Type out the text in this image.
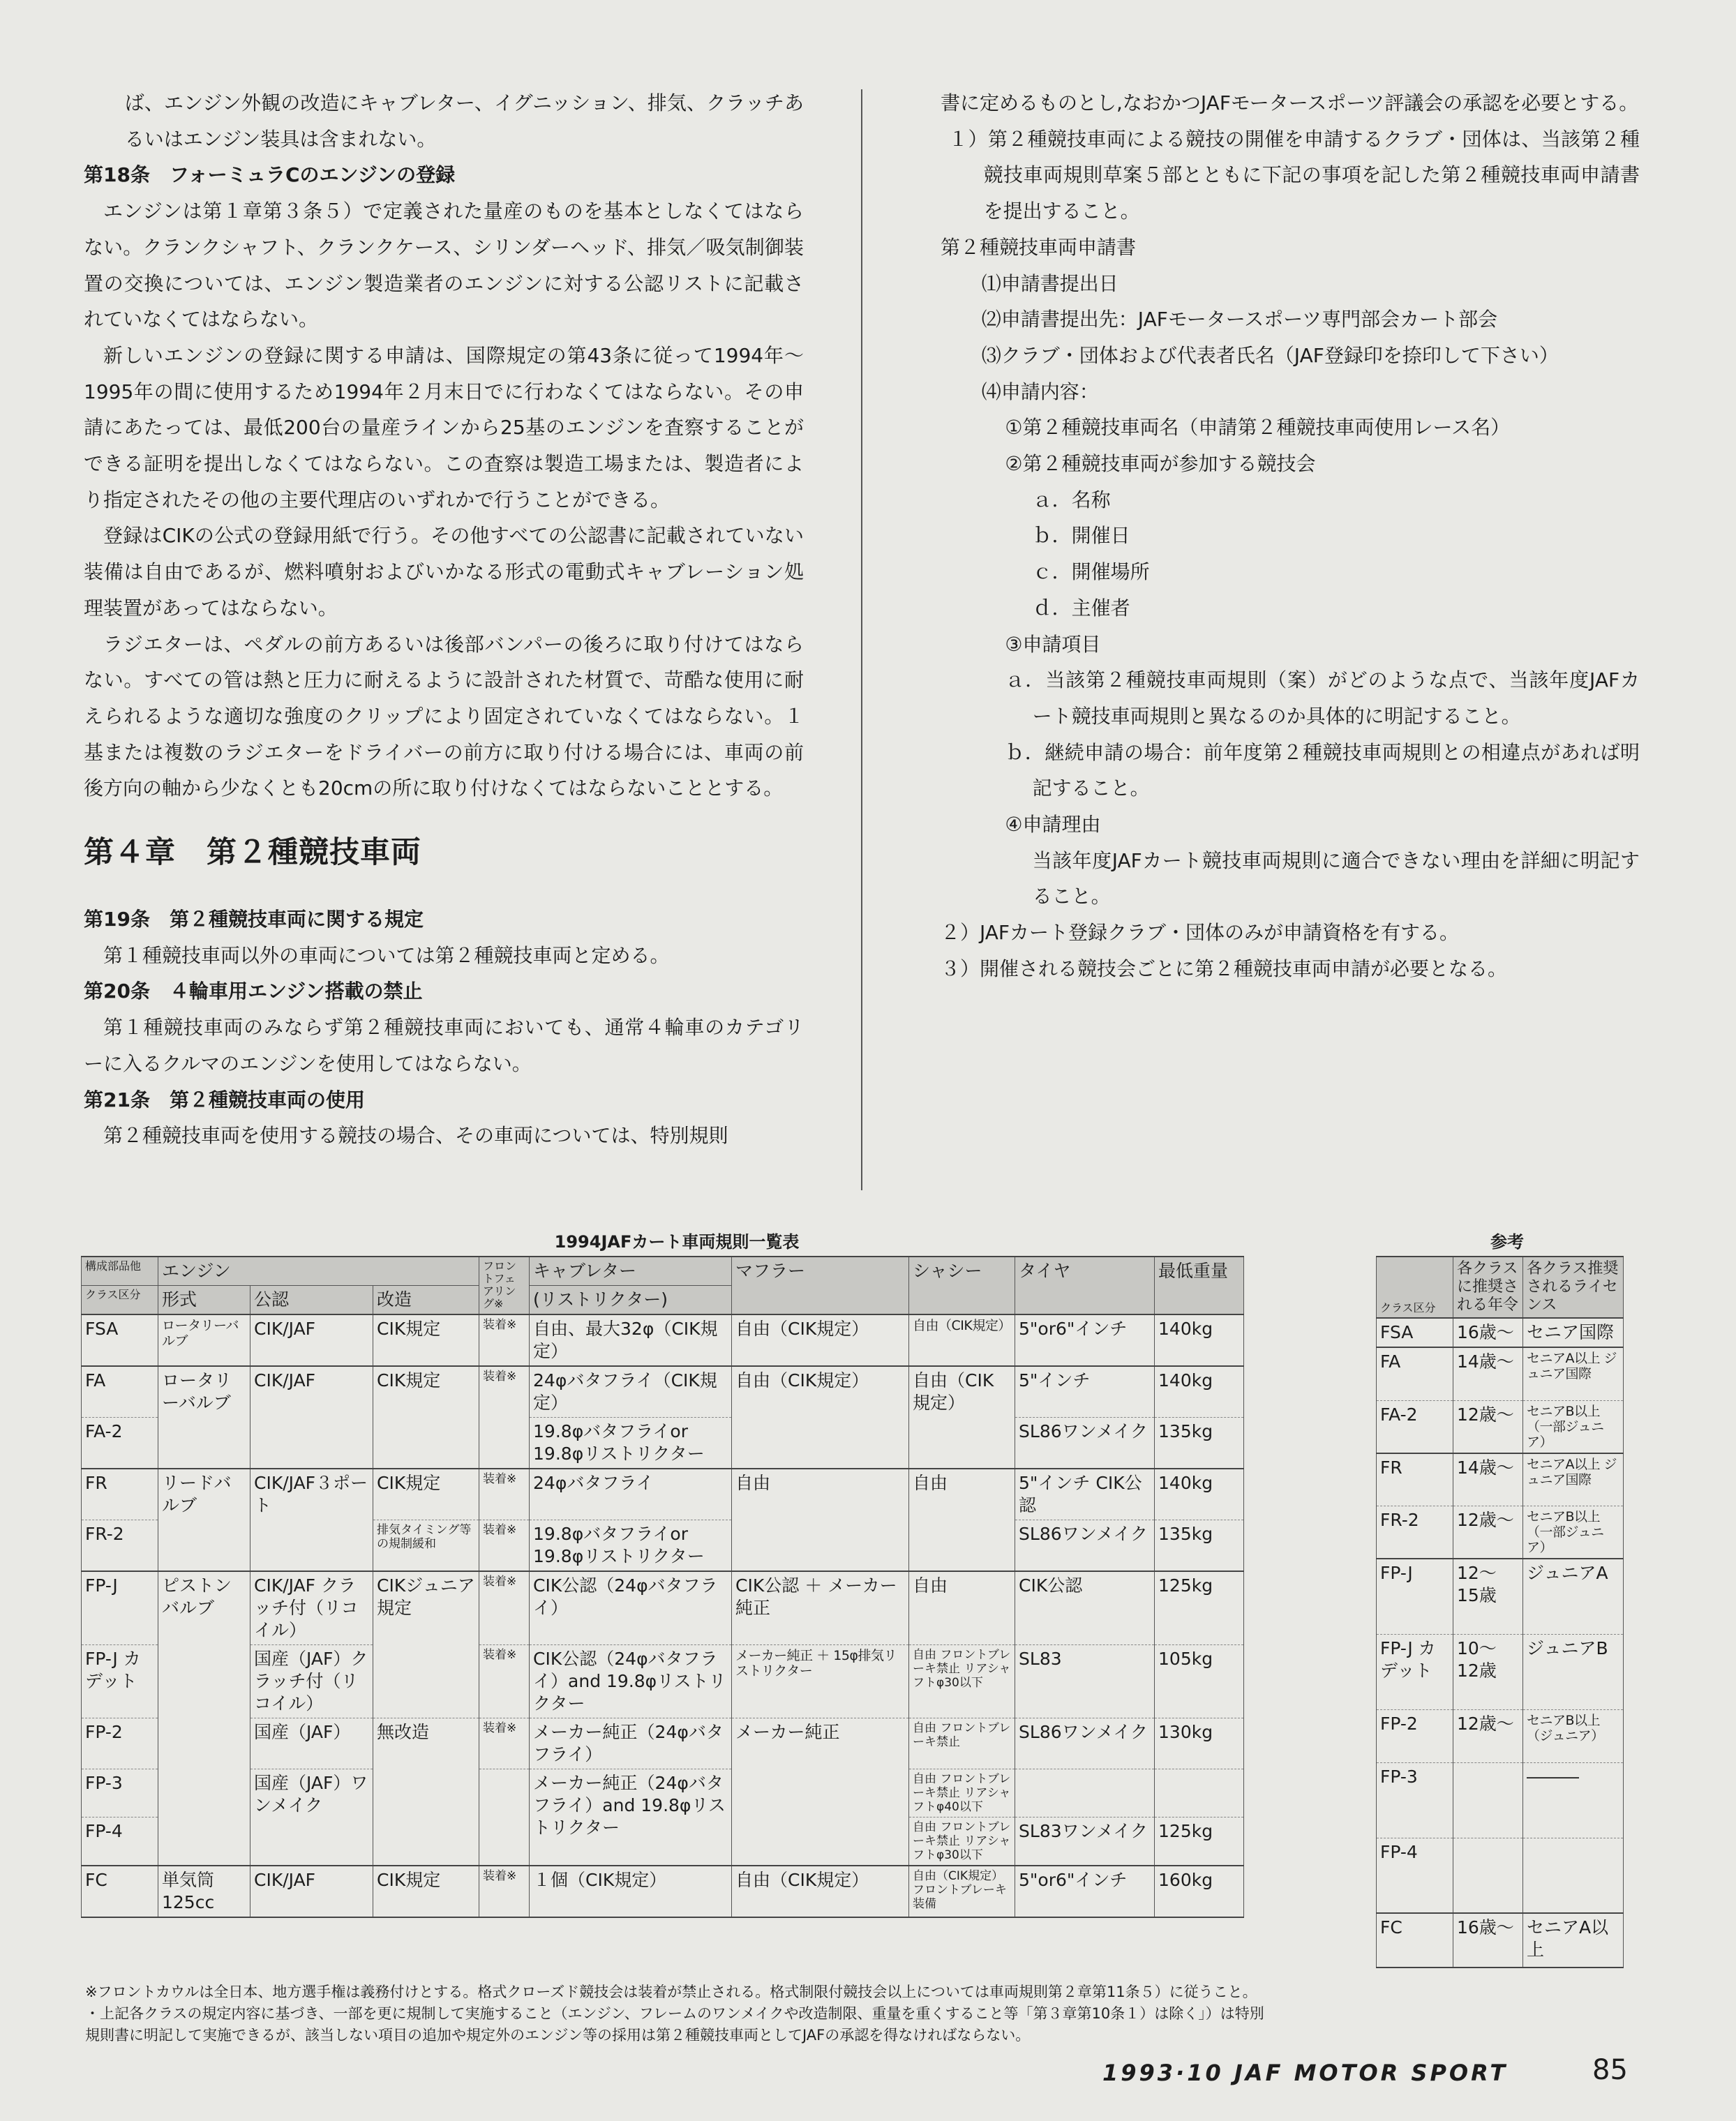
ば、エンジン外観の改造にキャブレター、イグニッション、排気、クラッチあるいはエンジン装具は含まれない。

第18条　フォーミュラCのエンジンの登録

エンジンは第１章第３条５）で定義された量産のものを基本としなくてはならない。クランクシャフト、クランクケース、シリンダーヘッド、排気／吸気制御装置の交換については、エンジン製造業者のエンジンに対する公認リストに記載されていなくてはならない。

新しいエンジンの登録に関する申請は、国際規定の第43条に従って1994年〜1995年の間に使用するため1994年２月末日でに行わなくてはならない。その申請にあたっては、最低200台の量産ラインから25基のエンジンを査察することができる証明を提出しなくてはならない。この査察は製造工場または、製造者により指定されたその他の主要代理店のいずれかで行うことができる。

登録はCIKの公式の登録用紙で行う。その他すべての公認書に記載されていない装備は自由であるが、燃料噴射およびいかなる形式の電動式キャブレーション処理装置があってはならない。

ラジエターは、ペダルの前方あるいは後部バンパーの後ろに取り付けてはならない。すべての管は熱と圧力に耐えるように設計された材質で、苛酷な使用に耐えられるような適切な強度のクリップにより固定されていなくてはならない。１基または複数のラジエターをドライバーの前方に取り付ける場合には、車両の前後方向の軸から少なくとも20cmの所に取り付けなくてはならないこととする。

第４章　第２種競技車両

第19条　第２種競技車両に関する規定

第１種競技車両以外の車両については第２種競技車両と定める。

第20条　４輪車用エンジン搭載の禁止

第１種競技車両のみならず第２種競技車両においても、通常４輪車のカテゴリーに入るクルマのエンジンを使用してはならない。

第21条　第２種競技車両の使用

第２種競技車両を使用する競技の場合、その車両については、特別規則

書に定めるものとし,なおかつJAFモータースポーツ評議会の承認を必要とする。

１）第２種競技車両による競技の開催を申請するクラブ・団体は、当該第２種競技車両規則草案５部とともに下記の事項を記した第２種競技車両申請書を提出すること。

第２種競技車両申請書

⑴申請書提出日

⑵申請書提出先：JAFモータースポーツ専門部会カート部会

⑶クラブ・団体および代表者氏名（JAF登録印を捺印して下さい）

⑷申請内容：

①第２種競技車両名（申請第２種競技車両使用レース名）

②第２種競技車両が参加する競技会

ａ．名称

ｂ．開催日

ｃ．開催場所

ｄ．主催者

③申請項目

ａ．当該第２種競技車両規則（案）がどのような点で、当該年度JAFカート競技車両規則と異なるのか具体的に明記すること。

ｂ．継続申請の場合：前年度第２種競技車両規則との相違点があれば明記すること。

④申請理由

当該年度JAFカート競技車両規則に適合できない理由を詳細に明記すること。

２）JAFカート登録クラブ・団体のみが申請資格を有する。

３）開催される競技会ごとに第２種競技車両申請が必要となる。

1994JAFカート車両規則一覧表	参考
構成部品他	エンジン			フロントフェアリング※	キャブレター	マフラー	シャシー	タイヤ	最低重量
クラス区分	形式	公認	改造		(リストリクター)				
FSA	ロータリーバルブ	CIK/JAF	CIK規定	装着※	自由、最大32φ（CIK規定）	自由（CIK規定）	自由（CIK規定）	5"or6"インチ	140kg
FA	ロータリーバルブ	CIK/JAF	CIK規定	装着※	24φバタフライ（CIK規定）	自由（CIK規定）	自由（CIK規定）	5"インチ	140kg
FA-2					19.8φバタフライor 19.8φリストリクター			SL86ワンメイク	135kg
FR	リードバルブ	CIK/JAF３ポート	CIK規定	装着※	24φバタフライ	自由	自由	5"インチ CIK公認	140kg
FR-2			排気タイミング等の規制緩和	装着※	19.8φバタフライor 19.8φリストリクター			SL86ワンメイク	135kg
FP-J	ピストンバルブ	CIK/JAF クラッチ付（リコイル）	CIKジュニア規定	装着※	CIK公認（24φバタフライ）	CIK公認 ＋ メーカー純正	自由	CIK公認	125kg
FP-J カデット		国産（JAF）クラッチ付（リコイル）		装着※	CIK公認（24φバタフライ）and 19.8φリストリクター	メーカー純正 ＋ 15φ排気リストリクター	自由 フロントブレーキ禁止 リアシャフトφ30以下	SL83	105kg
FP-2		国産（JAF）	無改造	装着※	メーカー純正（24φバタフライ）	メーカー純正	自由 フロントブレーキ禁止	SL86ワンメイク	130kg
FP-3		国産（JAF）ワンメイク			メーカー純正（24φバタフライ）and 19.8φリストリクター		自由 フロントブレーキ禁止 リアシャフトφ40以下		
FP-4							自由 フロントブレーキ禁止 リアシャフトφ30以下	SL83ワンメイク	125kg
FC	単気筒 125cc	CIK/JAF	CIK規定	装着※	１個（CIK規定）	自由（CIK規定）	自由（CIK規定）フロントブレーキ装備	5"or6"インチ	160kg
クラス区分	各クラスに推奨される年令	各クラス推奨されるライセンス
FSA	16歳〜	セニア国際
FA	14歳〜	セニアA以上 ジュニア国際
FA-2	12歳〜	セニアB以上（一部ジュニア）
FR	14歳〜	セニアA以上 ジュニア国際
FR-2	12歳〜	セニアB以上（一部ジュニア）
FP-J	12〜 15歳	ジュニアA
FP-J カデット	10〜 12歳	ジュニアB
FP-2	12歳〜	セニアB以上（ジュニア）
FP-3		―――
FP-4		
FC	16歳〜	セニアA以上

※フロントカウルは全日本、地方選手権は義務付けとする。格式クローズド競技会は装着が禁止される。格式制限付競技会以上については車両規則第２章第11条５）に従うこと。

・上記各クラスの規定内容に基づき、一部を更に規制して実施すること（エンジン、フレームのワンメイクや改造制限、重量を重くすること等「第３章第10条１）は除く」）は特別

規則書に明記して実施できるが、該当しない項目の追加や規定外のエンジン等の採用は第２種競技車両としてJAFの承認を得なければならない。

1993·10 JAF MOTOR SPORT	85
